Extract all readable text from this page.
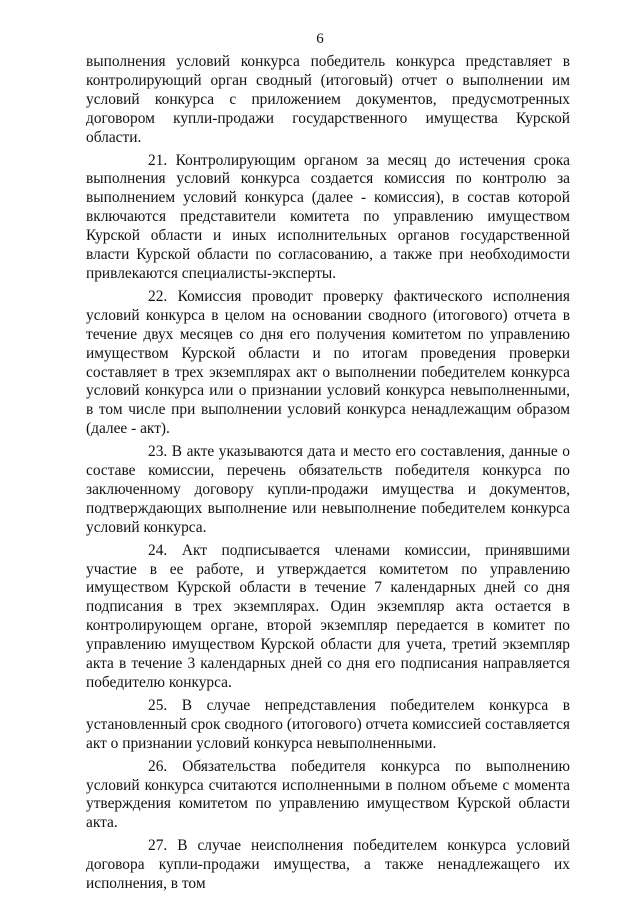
6

выполнения условий конкурса победитель конкурса представляет в контролирующий орган сводный (итоговый) отчет о выполнении им условий конкурса с приложением документов, предусмотренных договором купли-продажи государственного имущества Курской области.

21. Контролирующим органом за месяц до истечения срока выполнения условий конкурса создается комиссия по контролю за выполнением условий конкурса (далее - комиссия), в состав которой включаются представители комитета по управлению имуществом Курской области и иных исполнительных органов государственной власти Курской области по согласованию, а также при необходимости привлекаются специалисты-эксперты.

22. Комиссия проводит проверку фактического исполнения условий конкурса в целом на основании сводного (итогового) отчета в течение двух месяцев со дня его получения комитетом по управлению имуществом Курской области и по итогам проведения проверки составляет в трех экземплярах акт о выполнении победителем конкурса условий конкурса или о признании условий конкурса невыполненными, в том числе при выполнении условий конкурса ненадлежащим образом (далее - акт).

23. В акте указываются дата и место его составления, данные о составе комиссии, перечень обязательств победителя конкурса по заключенному договору купли-продажи имущества и документов, подтверждающих выполнение или невыполнение победителем конкурса условий конкурса.

24. Акт подписывается членами комиссии, принявшими участие в ее работе, и утверждается комитетом по управлению имуществом Курской области в течение 7 календарных дней со дня подписания в трех экземплярах. Один экземпляр акта остается в контролирующем органе, второй экземпляр передается в комитет по управлению имуществом Курской области для учета, третий экземпляр акта в течение 3 календарных дней со дня его подписания направляется победителю конкурса.

25. В случае непредставления победителем конкурса в установленный срок сводного (итогового) отчета комиссией составляется акт о признании условий конкурса невыполненными.

26. Обязательства победителя конкурса по выполнению условий конкурса считаются исполненными в полном объеме с момента утверждения комитетом по управлению имуществом Курской области акта.

27. В случае неисполнения победителем конкурса условий договора купли-продажи имущества, а также ненадлежащего их исполнения, в том
